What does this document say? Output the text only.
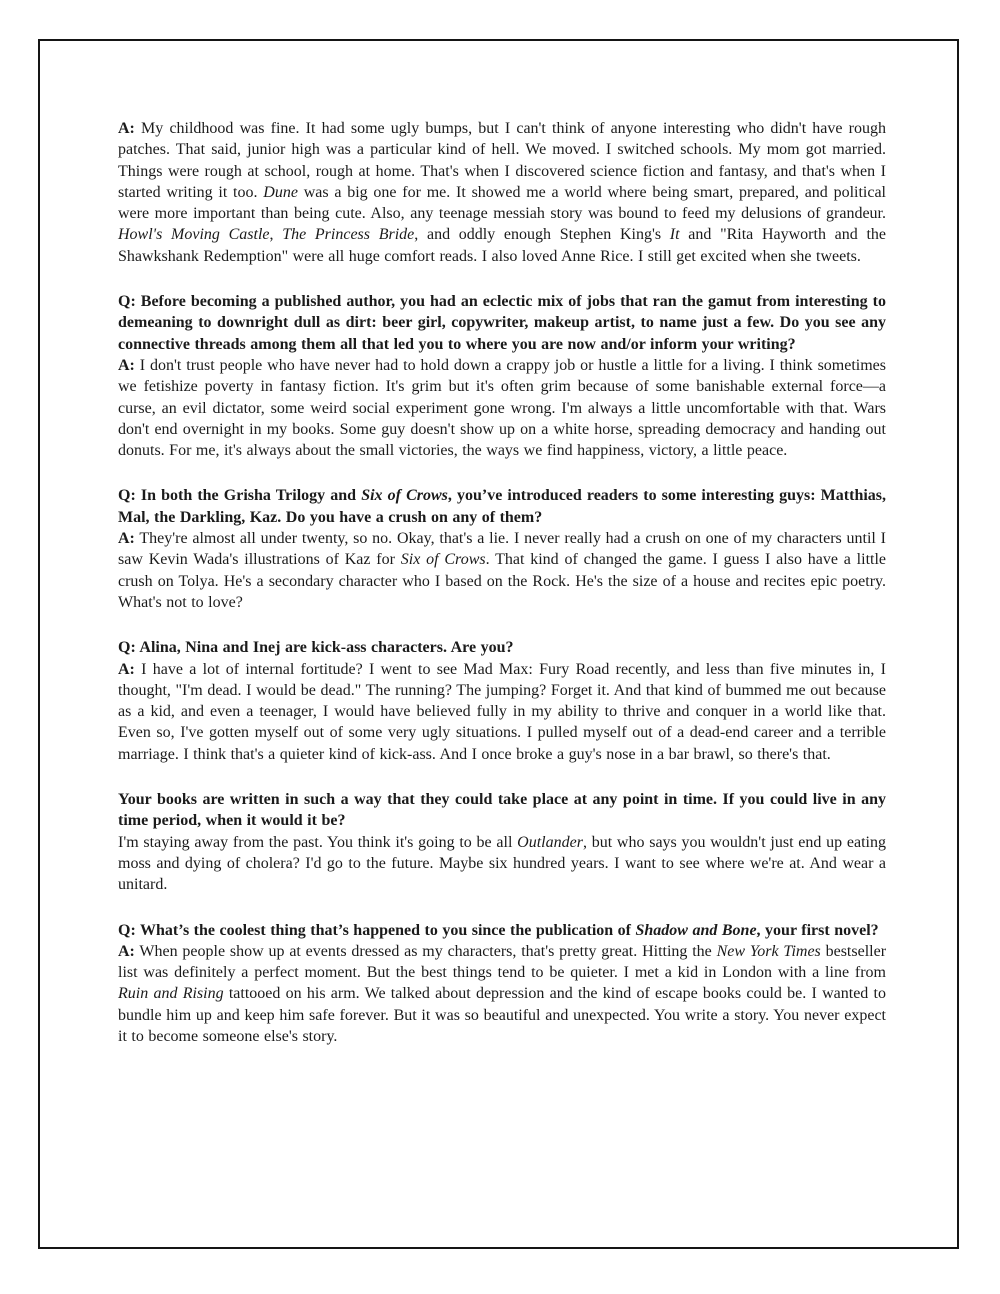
A: My childhood was fine. It had some ugly bumps, but I can't think of anyone interesting who didn't have rough patches. That said, junior high was a particular kind of hell. We moved. I switched schools. My mom got married. Things were rough at school, rough at home. That's when I discovered science fiction and fantasy, and that's when I started writing it too. Dune was a big one for me. It showed me a world where being smart, prepared, and political were more important than being cute. Also, any teenage messiah story was bound to feed my delusions of grandeur. Howl's Moving Castle, The Princess Bride, and oddly enough Stephen King's It and "Rita Hayworth and the Shawkshank Redemption" were all huge comfort reads. I also loved Anne Rice. I still get excited when she tweets.

Q: Before becoming a published author, you had an eclectic mix of jobs that ran the gamut from interesting to demeaning to downright dull as dirt: beer girl, copywriter, makeup artist, to name just a few. Do you see any connective threads among them all that led you to where you are now and/or inform your writing?

A: I don't trust people who have never had to hold down a crappy job or hustle a little for a living. I think sometimes we fetishize poverty in fantasy fiction. It's grim but it's often grim because of some banishable external force—a curse, an evil dictator, some weird social experiment gone wrong. I'm always a little uncomfortable with that. Wars don't end overnight in my books. Some guy doesn't show up on a white horse, spreading democracy and handing out donuts. For me, it's always about the small victories, the ways we find happiness, victory, a little peace.

Q: In both the Grisha Trilogy and Six of Crows, you’ve introduced readers to some interesting guys: Matthias, Mal, the Darkling, Kaz. Do you have a crush on any of them?

A: They're almost all under twenty, so no. Okay, that's a lie. I never really had a crush on one of my characters until I saw Kevin Wada's illustrations of Kaz for Six of Crows. That kind of changed the game. I guess I also have a little crush on Tolya. He's a secondary character who I based on the Rock. He's the size of a house and recites epic poetry. What's not to love?

Q: Alina, Nina and Inej are kick-ass characters. Are you?

A: I have a lot of internal fortitude? I went to see Mad Max: Fury Road recently, and less than five minutes in, I thought, "I'm dead. I would be dead." The running? The jumping? Forget it. And that kind of bummed me out because as a kid, and even a teenager, I would have believed fully in my ability to thrive and conquer in a world like that. Even so, I've gotten myself out of some very ugly situations. I pulled myself out of a dead-end career and a terrible marriage. I think that's a quieter kind of kick-ass. And I once broke a guy's nose in a bar brawl, so there's that.

Your books are written in such a way that they could take place at any point in time. If you could live in any time period, when it would it be?

I'm staying away from the past. You think it's going to be all Outlander, but who says you wouldn't just end up eating moss and dying of cholera? I'd go to the future. Maybe six hundred years. I want to see where we're at. And wear a unitard.

Q: What’s the coolest thing that’s happened to you since the publication of Shadow and Bone, your first novel?

A: When people show up at events dressed as my characters, that's pretty great. Hitting the New York Times bestseller list was definitely a perfect moment. But the best things tend to be quieter. I met a kid in London with a line from Ruin and Rising tattooed on his arm. We talked about depression and the kind of escape books could be. I wanted to bundle him up and keep him safe forever. But it was so beautiful and unexpected. You write a story. You never expect it to become someone else's story.
